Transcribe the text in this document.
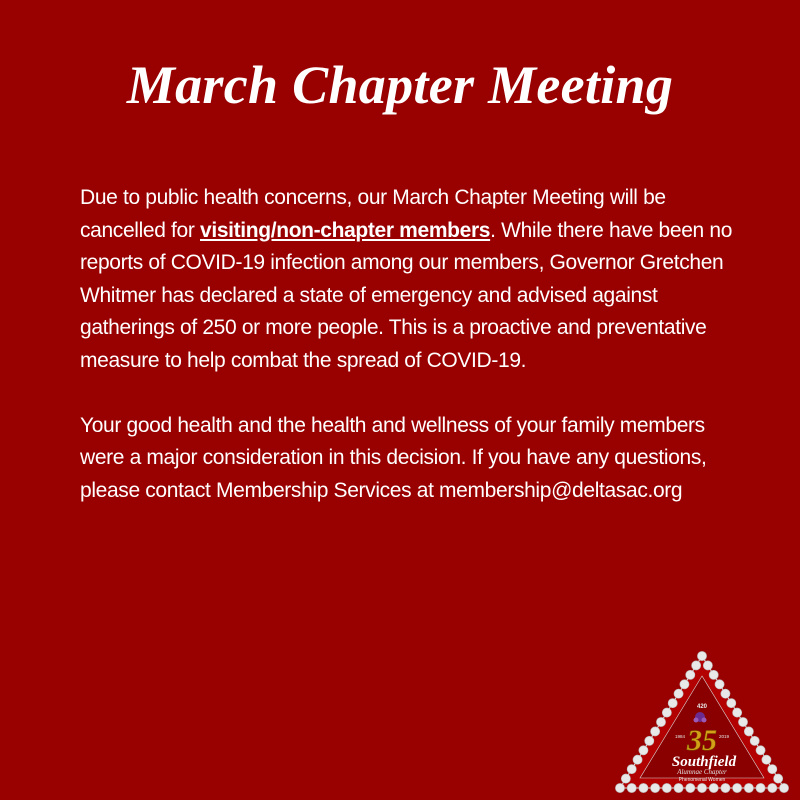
March Chapter Meeting

Due to public health concerns, our March Chapter Meeting will be cancelled for visiting/non-chapter members. While there have been no reports of COVID-19 infection among our members, Governor Gretchen Whitmer has declared a state of emergency and advised against gatherings of 250 or more people. This is a proactive and preventative measure to help combat the spread of COVID-19.

Your good health and the health and wellness of your family members were a major consideration in this decision. If you have any questions, please contact Membership Services at membership@deltasac.org

420
1984	2019
35
Southfield
Alumnae Chapter
Phenomenal Women
